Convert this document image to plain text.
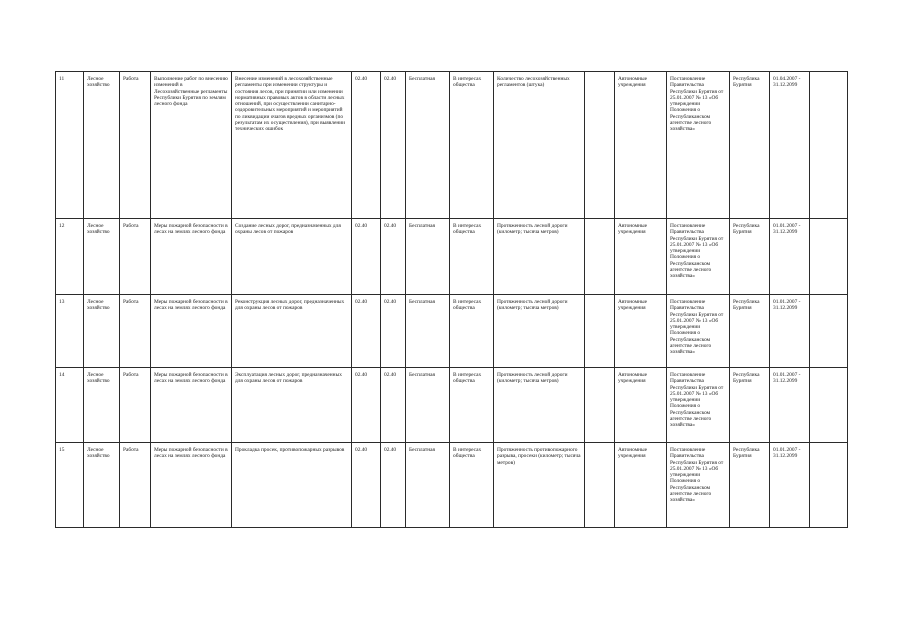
11	Лесное хозяйство	Работа	Выполнение работ по внесению изменений в Лесохозяйственные регламенты Республики Бурятия по землям лесного фонда	Внесение изменений в лесохозяйственные регламенты при изменении структуры и состояния лесов, при принятии или изменении нормативных правовых актов в области лесных отношений, при осуществлении санитарно-оздоровительных мероприятий и мероприятий по ликвидации очагов вредных организмов (по результатам их осуществления), при выявлении технических ошибок	02.40	02.40	Бесплатная	В интересах общества	Количество лесохозяйственных регламентов (штука)		Автономные учреждения	Постановление Правительства Республики Бурятия от 25.01.2007 № 13 «Об утверждении Положения о Республиканском агентстве лесного хозяйства»	Республика Бурятия	01.04.2007 - 31.12.2099	
12	Лесное хозяйство	Работа	Меры пожарной безопасности в лесах на землях лесного фонда	Создание лесных дорог, предназначенных для охраны лесов от пожаров	02.40	02.40	Бесплатная	В интересах общества	Протяженность лесной дороги (километр; тысяча метров)		Автономные учреждения	Постановление Правительства Республики Бурятия от 25.01.2007 № 13 «Об утверждении Положения о Республиканском агентстве лесного хозяйства»	Республика Бурятия	01.01.2007 - 31.12.2099	
13	Лесное хозяйство	Работа	Меры пожарной безопасности в лесах на землях лесного фонда	Реконструкция лесных дорог, предназначенных для охраны лесов от пожаров	02.40	02.40	Бесплатная	В интересах общества	Протяженность лесной дороги (километр; тысяча метров)		Автономные учреждения	Постановление Правительства Республики Бурятия от 25.01.2007 № 13 «Об утверждении Положения о Республиканском агентстве лесного хозяйства»	Республика Бурятия	01.01.2007 - 31.12.2099	
14	Лесное хозяйство	Работа	Меры пожарной безопасности в лесах на землях лесного фонда	Эксплуатация лесных дорог, предназначенных для охраны лесов от пожаров	02.40	02.40	Бесплатная	В интересах общества	Протяженность лесной дороги (километр; тысяча метров)		Автономные учреждения	Постановление Правительства Республики Бурятия от 25.01.2007 № 13 «Об утверждении Положения о Республиканском агентстве лесного хозяйства»	Республика Бурятия	01.01.2007 - 31.12.2099	
15	Лесное хозяйство	Работа	Меры пожарной безопасности в лесах на землях лесного фонда	Прокладка просек, противопожарных разрывов	02.40	02.40	Бесплатная	В интересах общества	Протяженность противопожарного разрыва, просеки (километр; тысяча метров)		Автономные учреждения	Постановление Правительства Республики Бурятия от 25.01.2007 № 13 «Об утверждении Положения о Республиканском агентстве лесного хозяйства»	Республика Бурятия	01.01.2007 - 31.12.2099	
